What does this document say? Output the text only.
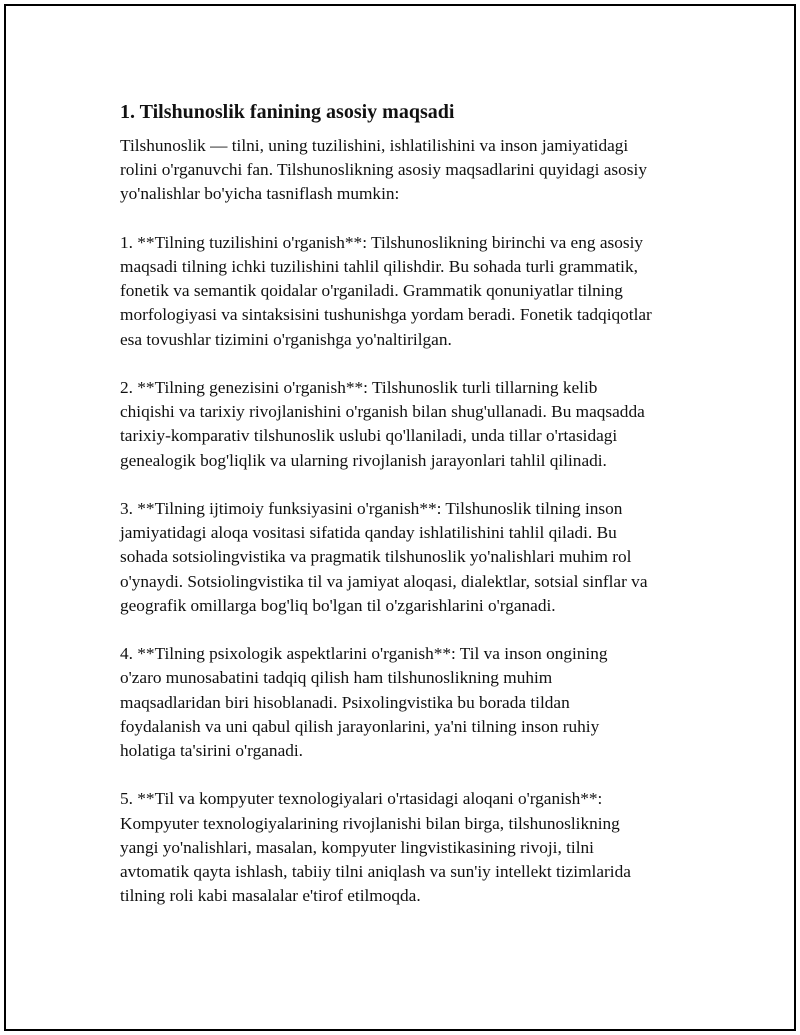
1. Tilshunoslik fanining asosiy maqsadi

Tilshunoslik — tilni, uning tuzilishini, ishlatilishini va inson jamiyatidagi
rolini o'rganuvchi fan. Tilshunoslikning asosiy maqsadlarini quyidagi asosiy
yo'nalishlar bo'yicha tasniflash mumkin:

1. **Tilning tuzilishini o'rganish**: Tilshunoslikning birinchi va eng asosiy
maqsadi tilning ichki tuzilishini tahlil qilishdir. Bu sohada turli grammatik,
fonetik va semantik qoidalar o'rganiladi. Grammatik qonuniyatlar tilning
morfologiyasi va sintaksisini tushunishga yordam beradi. Fonetik tadqiqotlar
esa tovushlar tizimini o'rganishga yo'naltirilgan.

2. **Tilning genezisini o'rganish**: Tilshunoslik turli tillarning kelib
chiqishi va tarixiy rivojlanishini o'rganish bilan shug'ullanadi. Bu maqsadda
tarixiy-komparativ tilshunoslik uslubi qo'llaniladi, unda tillar o'rtasidagi
genealogik bog'liqlik va ularning rivojlanish jarayonlari tahlil qilinadi.

3. **Tilning ijtimoiy funksiyasini o'rganish**: Tilshunoslik tilning inson
jamiyatidagi aloqa vositasi sifatida qanday ishlatilishini tahlil qiladi. Bu
sohada sotsiolingvistika va pragmatik tilshunoslik yo'nalishlari muhim rol
o'ynaydi. Sotsiolingvistika til va jamiyat aloqasi, dialektlar, sotsial sinflar va
geografik omillarga bog'liq bo'lgan til o'zgarishlarini o'rganadi.

4. **Tilning psixologik aspektlarini o'rganish**: Til va inson ongining
o'zaro munosabatini tadqiq qilish ham tilshunoslikning muhim
maqsadlaridan biri hisoblanadi. Psixolingvistika bu borada tildan
foydalanish va uni qabul qilish jarayonlarini, ya'ni tilning inson ruhiy
holatiga ta'sirini o'rganadi.

5. **Til va kompyuter texnologiyalari o'rtasidagi aloqani o'rganish**:
Kompyuter texnologiyalarining rivojlanishi bilan birga, tilshunoslikning
yangi yo'nalishlari, masalan, kompyuter lingvistikasining rivoji, tilni
avtomatik qayta ishlash, tabiiy tilni aniqlash va sun'iy intellekt tizimlarida
tilning roli kabi masalalar e'tirof etilmoqda.
